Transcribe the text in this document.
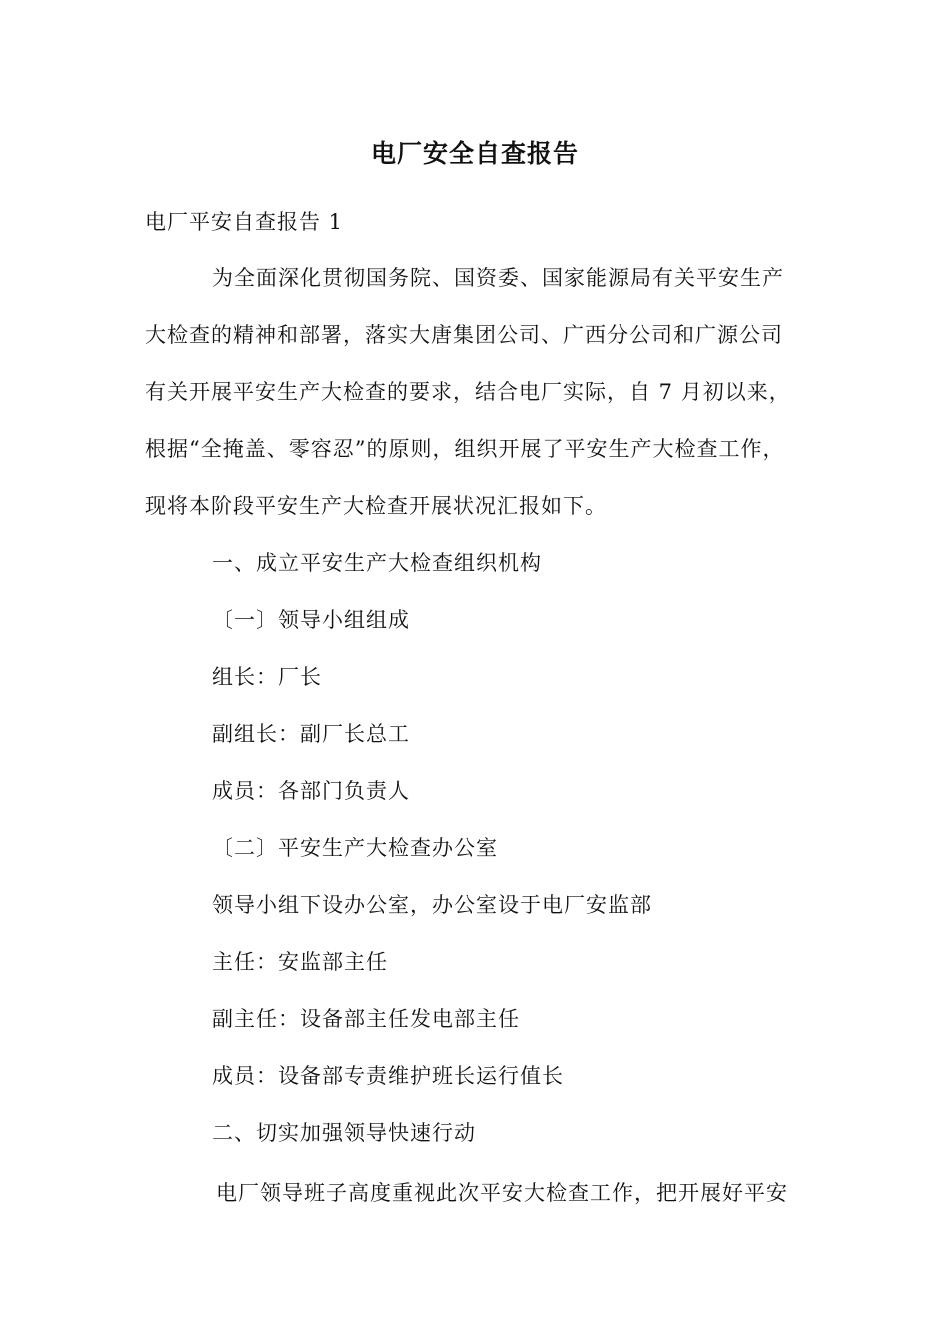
电厂安全自查报告

电厂平安自查报告 1

为全面深化贯彻国务院、国资委、国家能源局有关平安生产

大检查的精神和部署，落实大唐集团公司、广西分公司和广源公司

有关开展平安生产大检查的要求，结合电厂实际，自 7 月初以来，

根据“全掩盖、零容忍”的原则，组织开展了平安生产大检查工作，

现将本阶段平安生产大检查开展状况汇报如下。

一、成立平安生产大检查组织机构

〔一〕领导小组组成

组长：厂长

副组长：副厂长总工

成员：各部门负责人

〔二〕平安生产大检查办公室

领导小组下设办公室，办公室设于电厂安监部

主任：安监部主任

副主任：设备部主任发电部主任

成员：设备部专责维护班长运行值长

二、切实加强领导快速行动

电厂领导班子高度重视此次平安大检查工作，把开展好平安
